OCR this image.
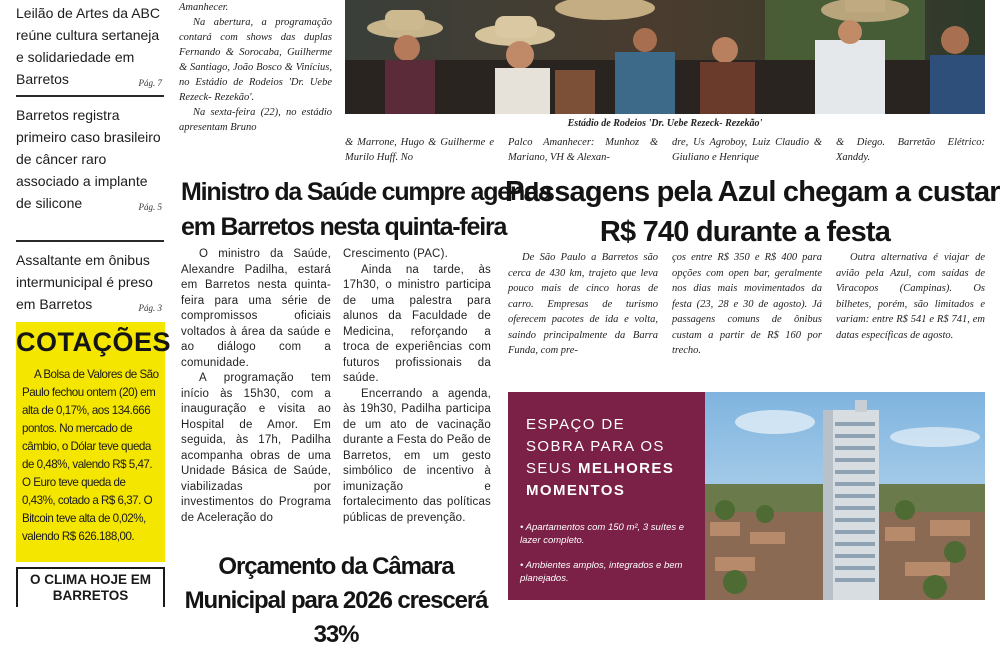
Leilão de Artes da ABC reúne cultura sertaneja e solidariedade em Barretos	Pág. 7
Barretos registra primeiro caso brasileiro de câncer raro associado a implante de silicone	Pág. 5
Assaltante em ônibus intermunicipal é preso em Barretos	Pág. 3
COTAÇÕES

A Bolsa de Valores de São Paulo fechou ontem (20) em alta de 0,17%, aos 134.666 pontos. No mercado de câmbio, o Dólar teve queda de 0,48%, valendo R$ 5,47. O Euro teve queda de 0,43%, cotado a R$ 6,37. O Bitcoin teve alta de 0,02%, valendo R$ 626.188,00.

O CLIMA HOJE EM BARRETOS

Amanhecer.

Na abertura, a programação contará com shows das duplas Fernando & Sorocaba, Guilherme & Santiago, João Bosco & Vinícius, no Estádio de Rodeios 'Dr. Uebe Rezeck- Rezekão'.

Na sexta-feira (22), no estádio apresentam Bruno	Estádio de Rodeios 'Dr. Uebe Rezeck- Rezekão'
& Marrone, Hugo & Guilherme e Murilo Huff. No
Palco Amanhecer: Munhoz & Mariano, VH & Alexan-
dre, Us Agroboy, Luiz Claudio & Giuliano e Henrique
& Diego. Barretão Elétrico: Xanddy.
Ministro da Saúde cumpre agenda
em Barretos nesta quinta-feira

O ministro da Saúde, Alexandre Padilha, estará em Barretos nesta quinta-feira para uma série de compromissos oficiais voltados à área da saúde e ao diálogo com a comunidade.

A programação tem início às 15h30, com a inauguração e visita ao Hospital de Amor. Em seguida, às 17h, Padilha acompanha obras de uma Unidade Básica de Saúde, viabilizadas por investimentos do Programa de Aceleração do

Crescimento (PAC).

Ainda na tarde, às 17h30, o ministro participa de uma palestra para alunos da Faculdade de Medicina, reforçando a troca de experiências com futuros profissionais da saúde.

Encerrando a agenda, às 19h30, Padilha participa de um ato de vacinação durante a Festa do Peão de Barretos, em um gesto simbólico de incentivo à imunização e fortalecimento das políticas públicas de prevenção.

Orçamento da Câmara Municipal para 2026 crescerá 33%
Passagens pela Azul chegam a custar
R$ 740 durante a festa

De São Paulo a Barretos são cerca de 430 km, trajeto que leva pouco mais de cinco horas de carro. Empresas de turismo oferecem pacotes de ida e volta, saindo principalmente da Barra Funda, com pre-

ços entre R$ 350 e R$ 400 para opções com open bar, geralmente nos dias mais movimentados da festa (23, 28 e 30 de agosto). Já passagens comuns de ônibus custam a partir de R$ 160 por trecho.

Outra alternativa é viajar de avião pela Azul, com saídas de Viracopos (Campinas). Os bilhetes, porém, são limitados e variam: entre R$ 541 e R$ 741, em datas específicas de agosto.

ESPAÇO DE
SOBRA PARA OS
SEUS MELHORES
MOMENTOS
• Apartamentos com 150 m², 3 suítes e lazer completo.
• Ambientes amplos, integrados e bem planejados.
